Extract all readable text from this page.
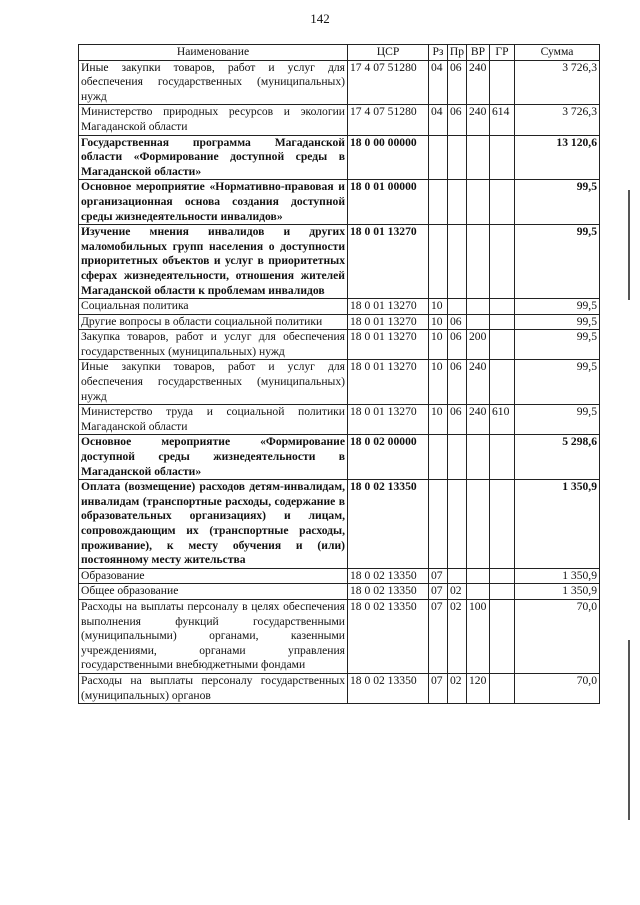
142
Наименование	ЦСР	Рз	Пр	ВР	ГР	Сумма
Иные закупки товаров, работ и услуг для обеспечения государственных (муниципальных) нужд	17 4 07 51280	04	06	240		3 726,3
Министерство природных ресурсов и экологии Магаданской области	17 4 07 51280	04	06	240	614	3 726,3
Государственная программа Магаданской области «Формирование доступной среды в Магаданской области»	18 0 00 00000					13 120,6
Основное мероприятие «Нормативно-правовая и организационная основа создания доступной среды жизнедеятельности инвалидов»	18 0 01 00000					99,5
Изучение мнения инвалидов и других маломобильных групп населения о доступности приоритетных объектов и услуг в приоритетных сферах жизнедеятельности, отношения жителей Магаданской области к проблемам инвалидов	18 0 01 13270					99,5
Социальная политика	18 0 01 13270	10				99,5
Другие вопросы в области социальной политики	18 0 01 13270	10	06			99,5
Закупка товаров, работ и услуг для обеспечения государственных (муниципальных) нужд	18 0 01 13270	10	06	200		99,5
Иные закупки товаров, работ и услуг для обеспечения государственных (муниципальных) нужд	18 0 01 13270	10	06	240		99,5
Министерство труда и социальной политики Магаданской области	18 0 01 13270	10	06	240	610	99,5
Основное мероприятие «Формирование доступной среды жизнедеятельности в Магаданской области»	18 0 02 00000					5 298,6
Оплата (возмещение) расходов детям-инвалидам, инвалидам (транспортные расходы, содержание в образовательных организациях) и лицам, сопровождающим их (транспортные расходы, проживание), к месту обучения и (или) постоянному месту жительства	18 0 02 13350					1 350,9
Образование	18 0 02 13350	07				1 350,9
Общее образование	18 0 02 13350	07	02			1 350,9
Расходы на выплаты персоналу в целях обеспечения выполнения функций государственными (муниципальными) органами, казенными учреждениями, органами управления государственными внебюджетными фондами	18 0 02 13350	07	02	100		70,0
Расходы на выплаты персоналу государственных (муниципальных) органов	18 0 02 13350	07	02	120		70,0
